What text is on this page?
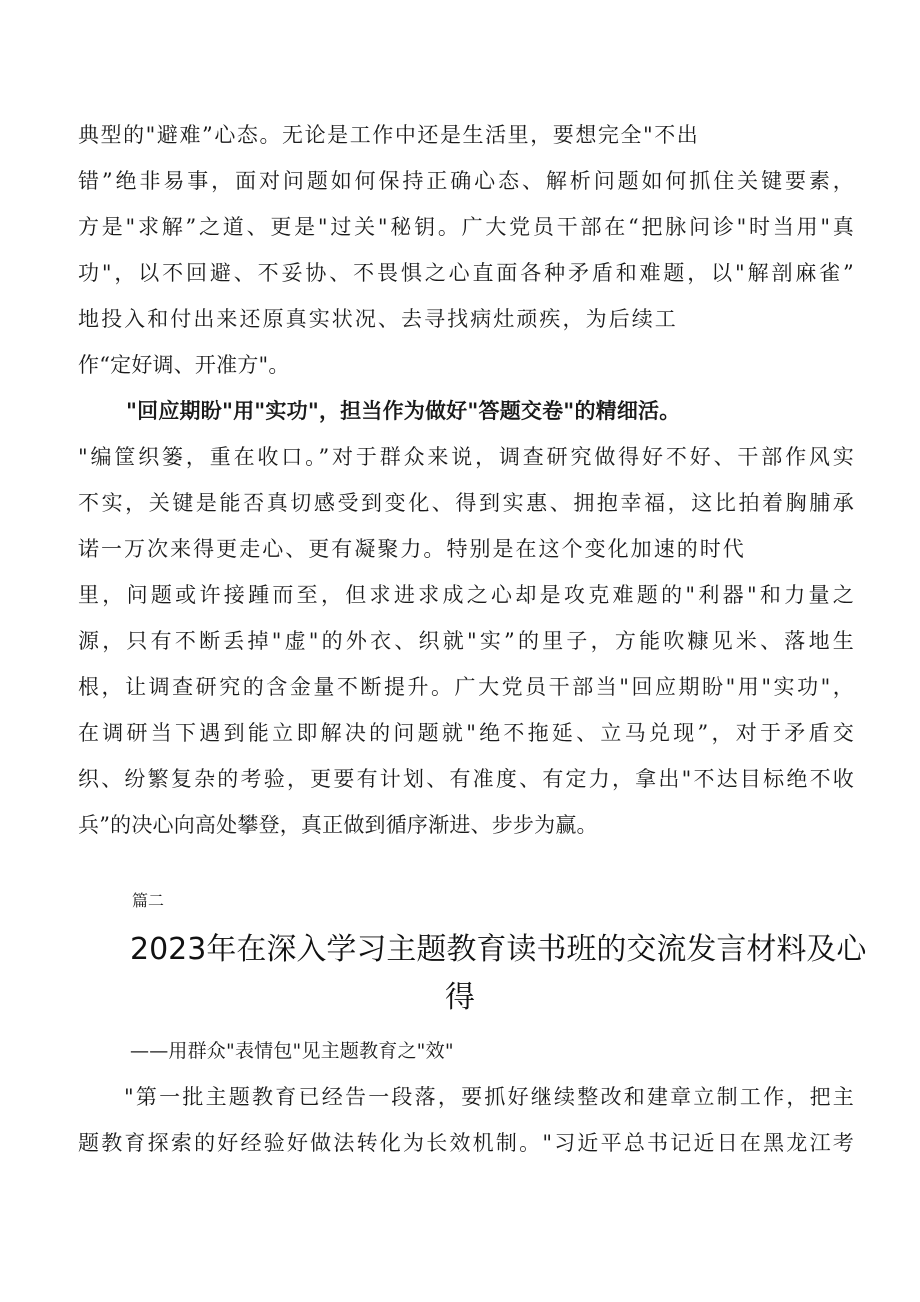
典型的"避难”心态。无论是工作中还是生活里，要想完全"不出
错”绝非易事，面对问题如何保持正确心态、解析问题如何抓住关键要素，
方是"求解”之道、更是"过关"秘钥。广大党员干部在“把脉问诊"时当用"真
功"，以不回避、不妥协、不畏惧之心直面各种矛盾和难题，以"解剖麻雀”
地投入和付出来还原真实状况、去寻找病灶顽疾，为后续工
作“定好调、开准方"。
"回应期盼"用"实功"，担当作为做好"答题交卷"的精细活。
"编筐织篓，重在收口。”对于群众来说，调查研究做得好不好、干部作风实
不实，关键是能否真切感受到变化、得到实惠、拥抱幸福，这比拍着胸脯承
诺一万次来得更走心、更有凝聚力。特别是在这个变化加速的时代
里，问题或许接踵而至，但求进求成之心却是攻克难题的"利器"和力量之
源，只有不断丢掉"虚"的外衣、织就"实”的里子，方能吹糠见米、落地生
根，让调查研究的含金量不断提升。广大党员干部当"回应期盼"用"实功"，
在调研当下遇到能立即解决的问题就"绝不拖延、立马兑现”，对于矛盾交
织、纷繁复杂的考验，更要有计划、有准度、有定力，拿出"不达目标绝不收
兵”的决心向高处攀登，真正做到循序渐进、步步为赢。
篇二
2023年在深入学习主题教育读书班的交流发言材料及心
得
——用群众"表情包"见主题教育之"效"
"第一批主题教育已经告一段落，要抓好继续整改和建章立制工作，把主
题教育探索的好经验好做法转化为长效机制。"习近平总书记近日在黑龙江考
